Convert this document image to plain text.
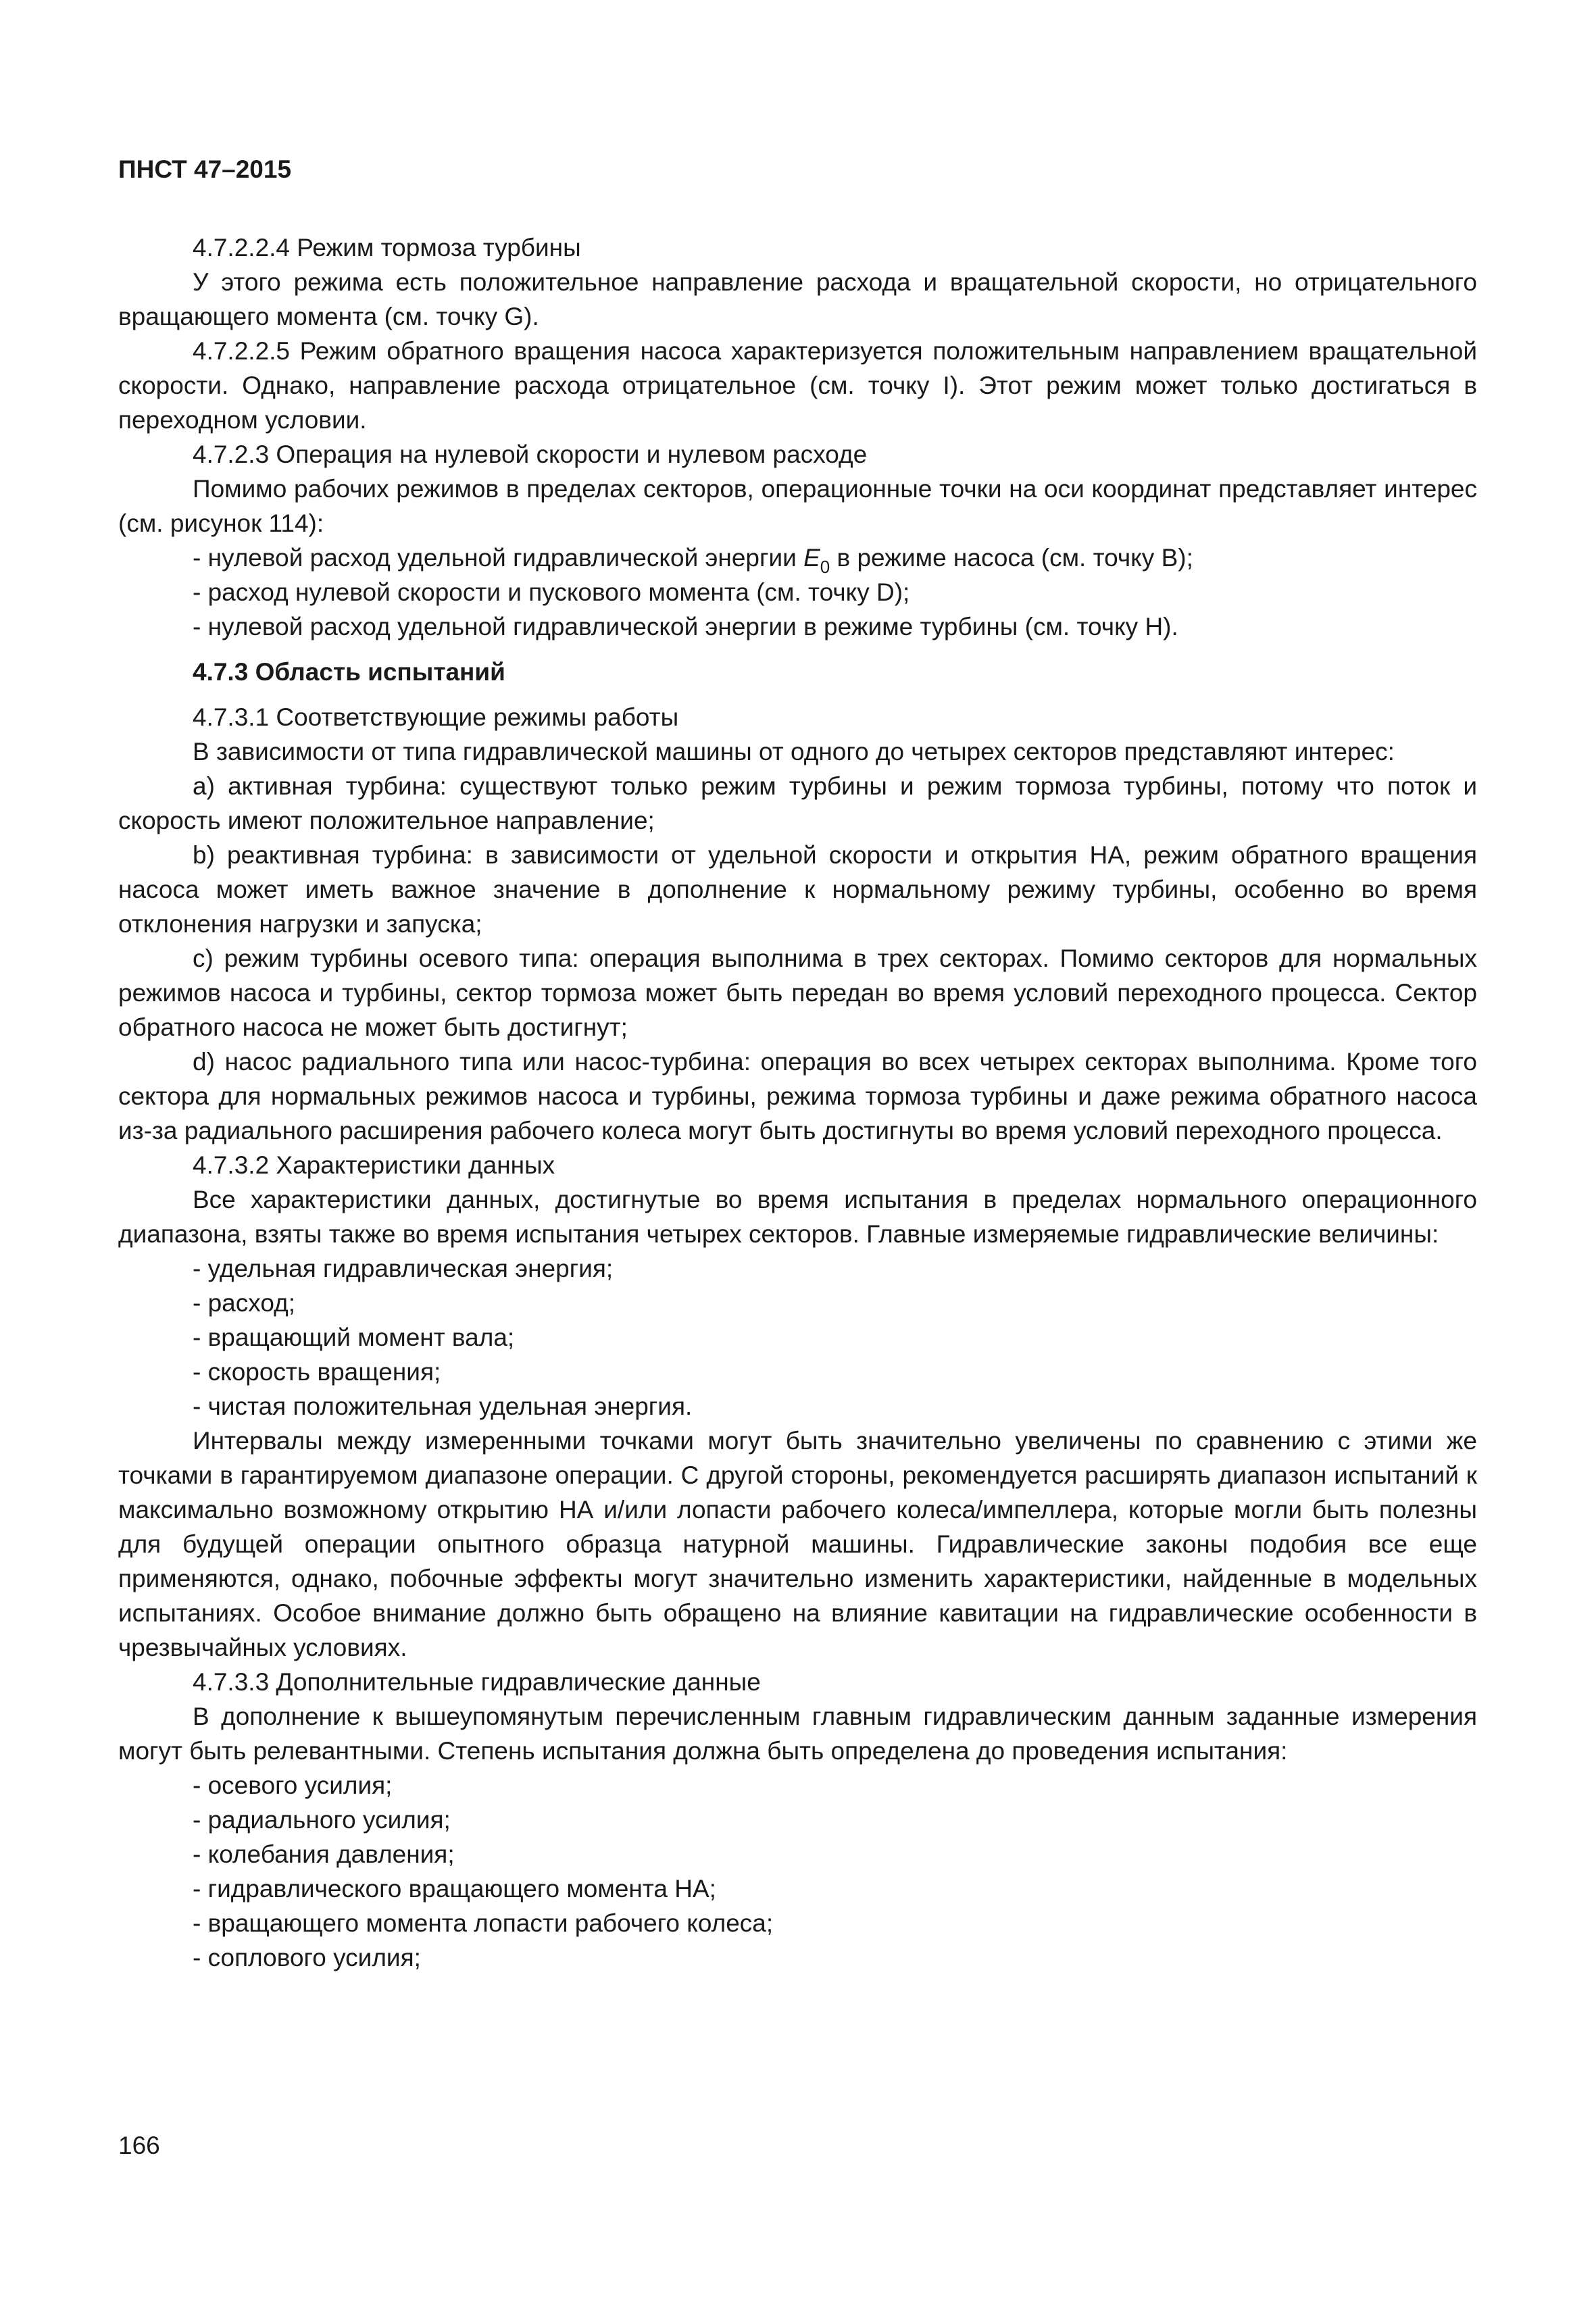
ПНСТ 47–2015

4.7.2.2.4 Режим тормоза турбины

У этого режима есть положительное направление расхода и вращательной скорости, но отрицательного вращающего момента (см. точку G).

4.7.2.2.5 Режим обратного вращения насоса характеризуется положительным направлением вращательной скорости. Однако, направление расхода отрицательное (см. точку I). Этот режим может только достигаться в переходном условии.

4.7.2.3 Операция на нулевой скорости и нулевом расходе

Помимо рабочих режимов в пределах секторов, операционные точки на оси координат представляет интерес (см. рисунок 114):

- нулевой расход удельной гидравлической энергии $E_0$ в режиме насоса (см. точку B);

- расход нулевой скорости и пускового момента (см. точку D);

- нулевой расход удельной гидравлической энергии в режиме турбины (см. точку H).

4.7.3 Область испытаний

4.7.3.1 Соответствующие режимы работы

В зависимости от типа гидравлической машины от одного до четырех секторов представляют интерес:

a) активная турбина: существуют только режим турбины и режим тормоза турбины, потому что поток и скорость имеют положительное направление;

b) реактивная турбина: в зависимости от удельной скорости и открытия НА, режим обратного вращения насоса может иметь важное значение в дополнение к нормальному режиму турбины, особенно во время отклонения нагрузки и запуска;

c) режим турбины осевого типа: операция выполнима в трех секторах. Помимо секторов для нормальных режимов насоса и турбины, сектор тормоза может быть передан во время условий переходного процесса. Сектор обратного насоса не может быть достигнут;

d) насос радиального типа или насос-турбина: операция во всех четырех секторах выполнима. Кроме того сектора для нормальных режимов насоса и турбины, режима тормоза турбины и даже режима обратного насоса из-за радиального расширения рабочего колеса могут быть достигнуты во время условий переходного процесса.

4.7.3.2 Характеристики данных

Все характеристики данных, достигнутые во время испытания в пределах нормального операционного диапазона, взяты также во время испытания четырех секторов. Главные измеряемые гидравлические величины:

- удельная гидравлическая энергия;

- расход;

- вращающий момент вала;

- скорость вращения;

- чистая положительная удельная энергия.

Интервалы между измеренными точками могут быть значительно увеличены по сравнению с этими же точками в гарантируемом диапазоне операции. С другой стороны, рекомендуется расширять диапазон испытаний к максимально возможному открытию НА и/или лопасти рабочего колеса/импеллера, которые могли быть полезны для будущей операции опытного образца натурной машины. Гидравлические законы подобия все еще применяются, однако, побочные эффекты могут значительно изменить характеристики, найденные в модельных испытаниях. Особое внимание должно быть обращено на влияние кавитации на гидравлические особенности в чрезвычайных условиях.

4.7.3.3 Дополнительные гидравлические данные

В дополнение к вышеупомянутым перечисленным главным гидравлическим данным заданные измерения могут быть релевантными. Степень испытания должна быть определена до проведения испытания:

- осевого усилия;

- радиального усилия;

- колебания давления;

- гидравлического вращающего момента НА;

- вращающего момента лопасти рабочего колеса;

- соплового усилия;

166
